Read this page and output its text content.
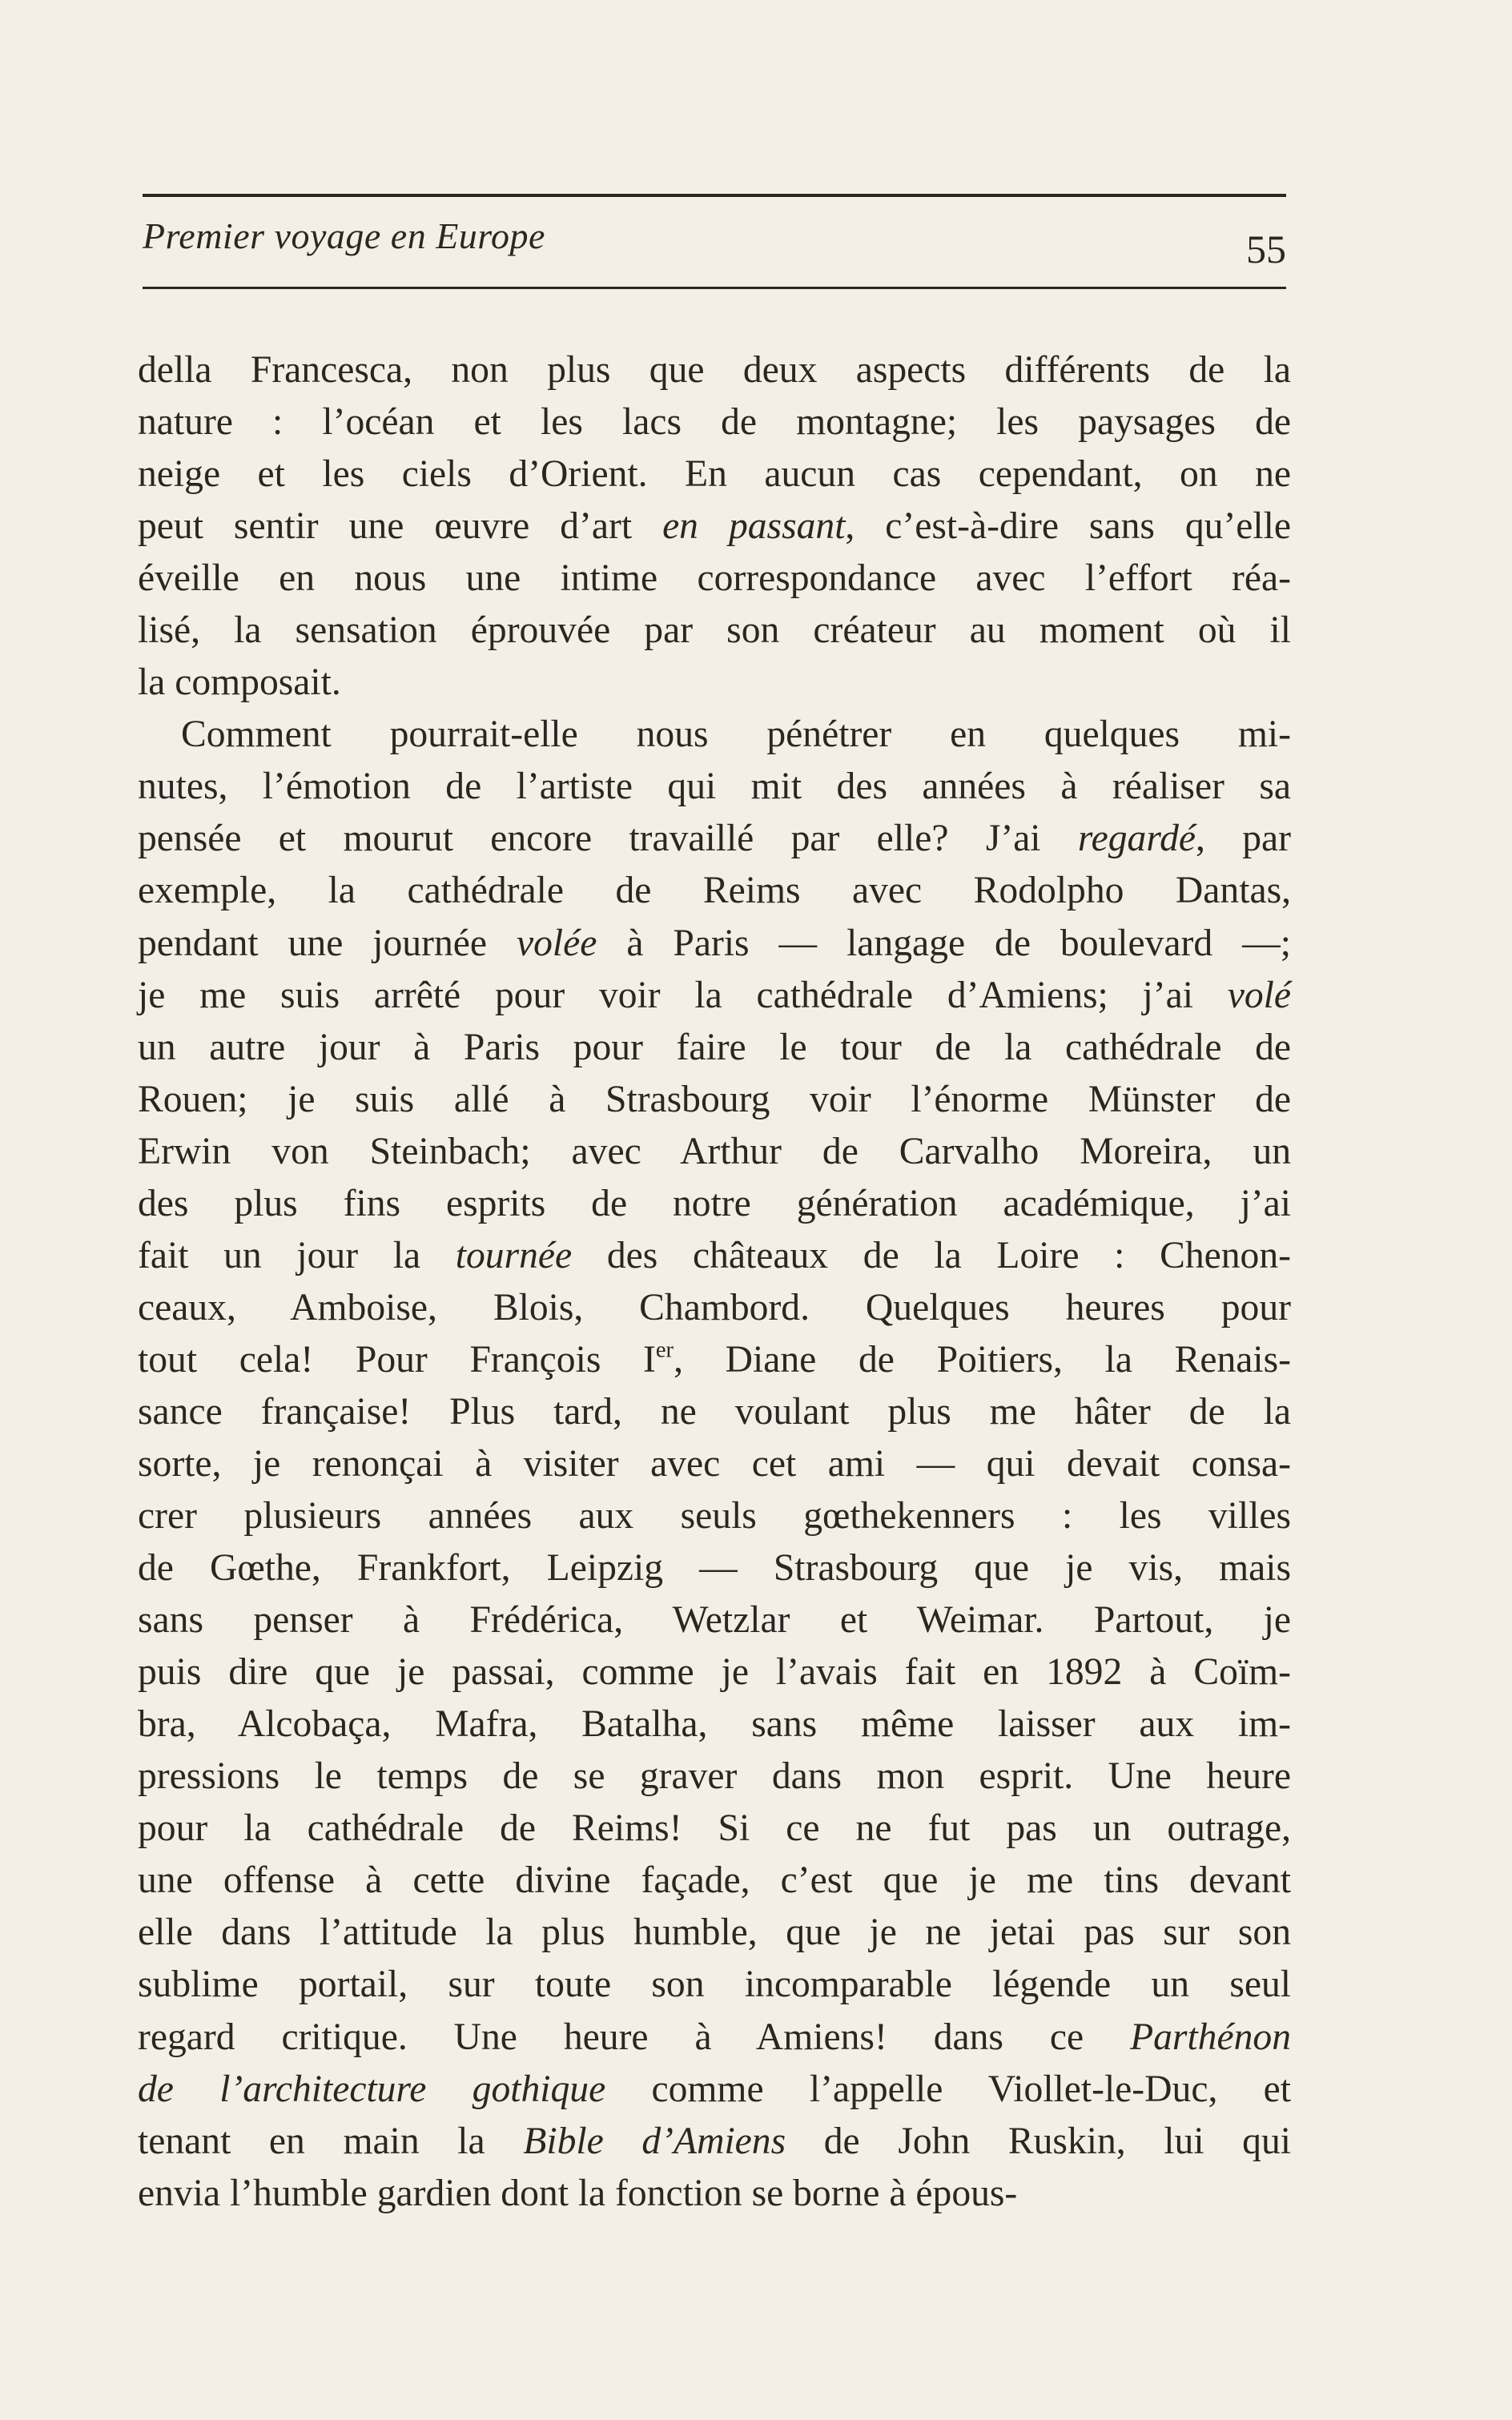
Premier voyage en Europe	55
della Francesca, non plus que deux aspects différents de la
nature : l’océan et les lacs de montagne; les paysages de
neige et les ciels d’Orient. En aucun cas cependant, on ne
peut sentir une œuvre d’art en passant, c’est-à-dire sans qu’elle
éveille en nous une intime correspondance avec l’effort réa-
lisé, la sensation éprouvée par son créateur au moment où il
la composait.
Comment pourrait-elle nous pénétrer en quelques mi-
nutes, l’émotion de l’artiste qui mit des années à réaliser sa
pensée et mourut encore travaillé par elle? J’ai regardé, par
exemple, la cathédrale de Reims avec Rodolpho Dantas,
pendant une journée volée à Paris — langage de boulevard —;
je me suis arrêté pour voir la cathédrale d’Amiens; j’ai volé
un autre jour à Paris pour faire le tour de la cathédrale de
Rouen; je suis allé à Strasbourg voir l’énorme Münster de
Erwin von Steinbach; avec Arthur de Carvalho Moreira, un
des plus fins esprits de notre génération académique, j’ai
fait un jour la tournée des châteaux de la Loire : Chenon-
ceaux, Amboise, Blois, Chambord. Quelques heures pour
tout cela! Pour François Ier, Diane de Poitiers, la Renais-
sance française! Plus tard, ne voulant plus me hâter de la
sorte, je renonçai à visiter avec cet ami — qui devait consa-
crer plusieurs années aux seuls gœthekenners : les villes
de Gœthe, Frankfort, Leipzig — Strasbourg que je vis, mais
sans penser à Frédérica, Wetzlar et Weimar. Partout, je
puis dire que je passai, comme je l’avais fait en 1892 à Coïm-
bra, Alcobaça, Mafra, Batalha, sans même laisser aux im-
pressions le temps de se graver dans mon esprit. Une heure
pour la cathédrale de Reims! Si ce ne fut pas un outrage,
une offense à cette divine façade, c’est que je me tins devant
elle dans l’attitude la plus humble, que je ne jetai pas sur son
sublime portail, sur toute son incomparable légende un seul
regard critique. Une heure à Amiens! dans ce Parthénon
de l’architecture gothique comme l’appelle Viollet-le-Duc, et
tenant en main la Bible d’Amiens de John Ruskin, lui qui
envia l’humble gardien dont la fonction se borne à épous-
